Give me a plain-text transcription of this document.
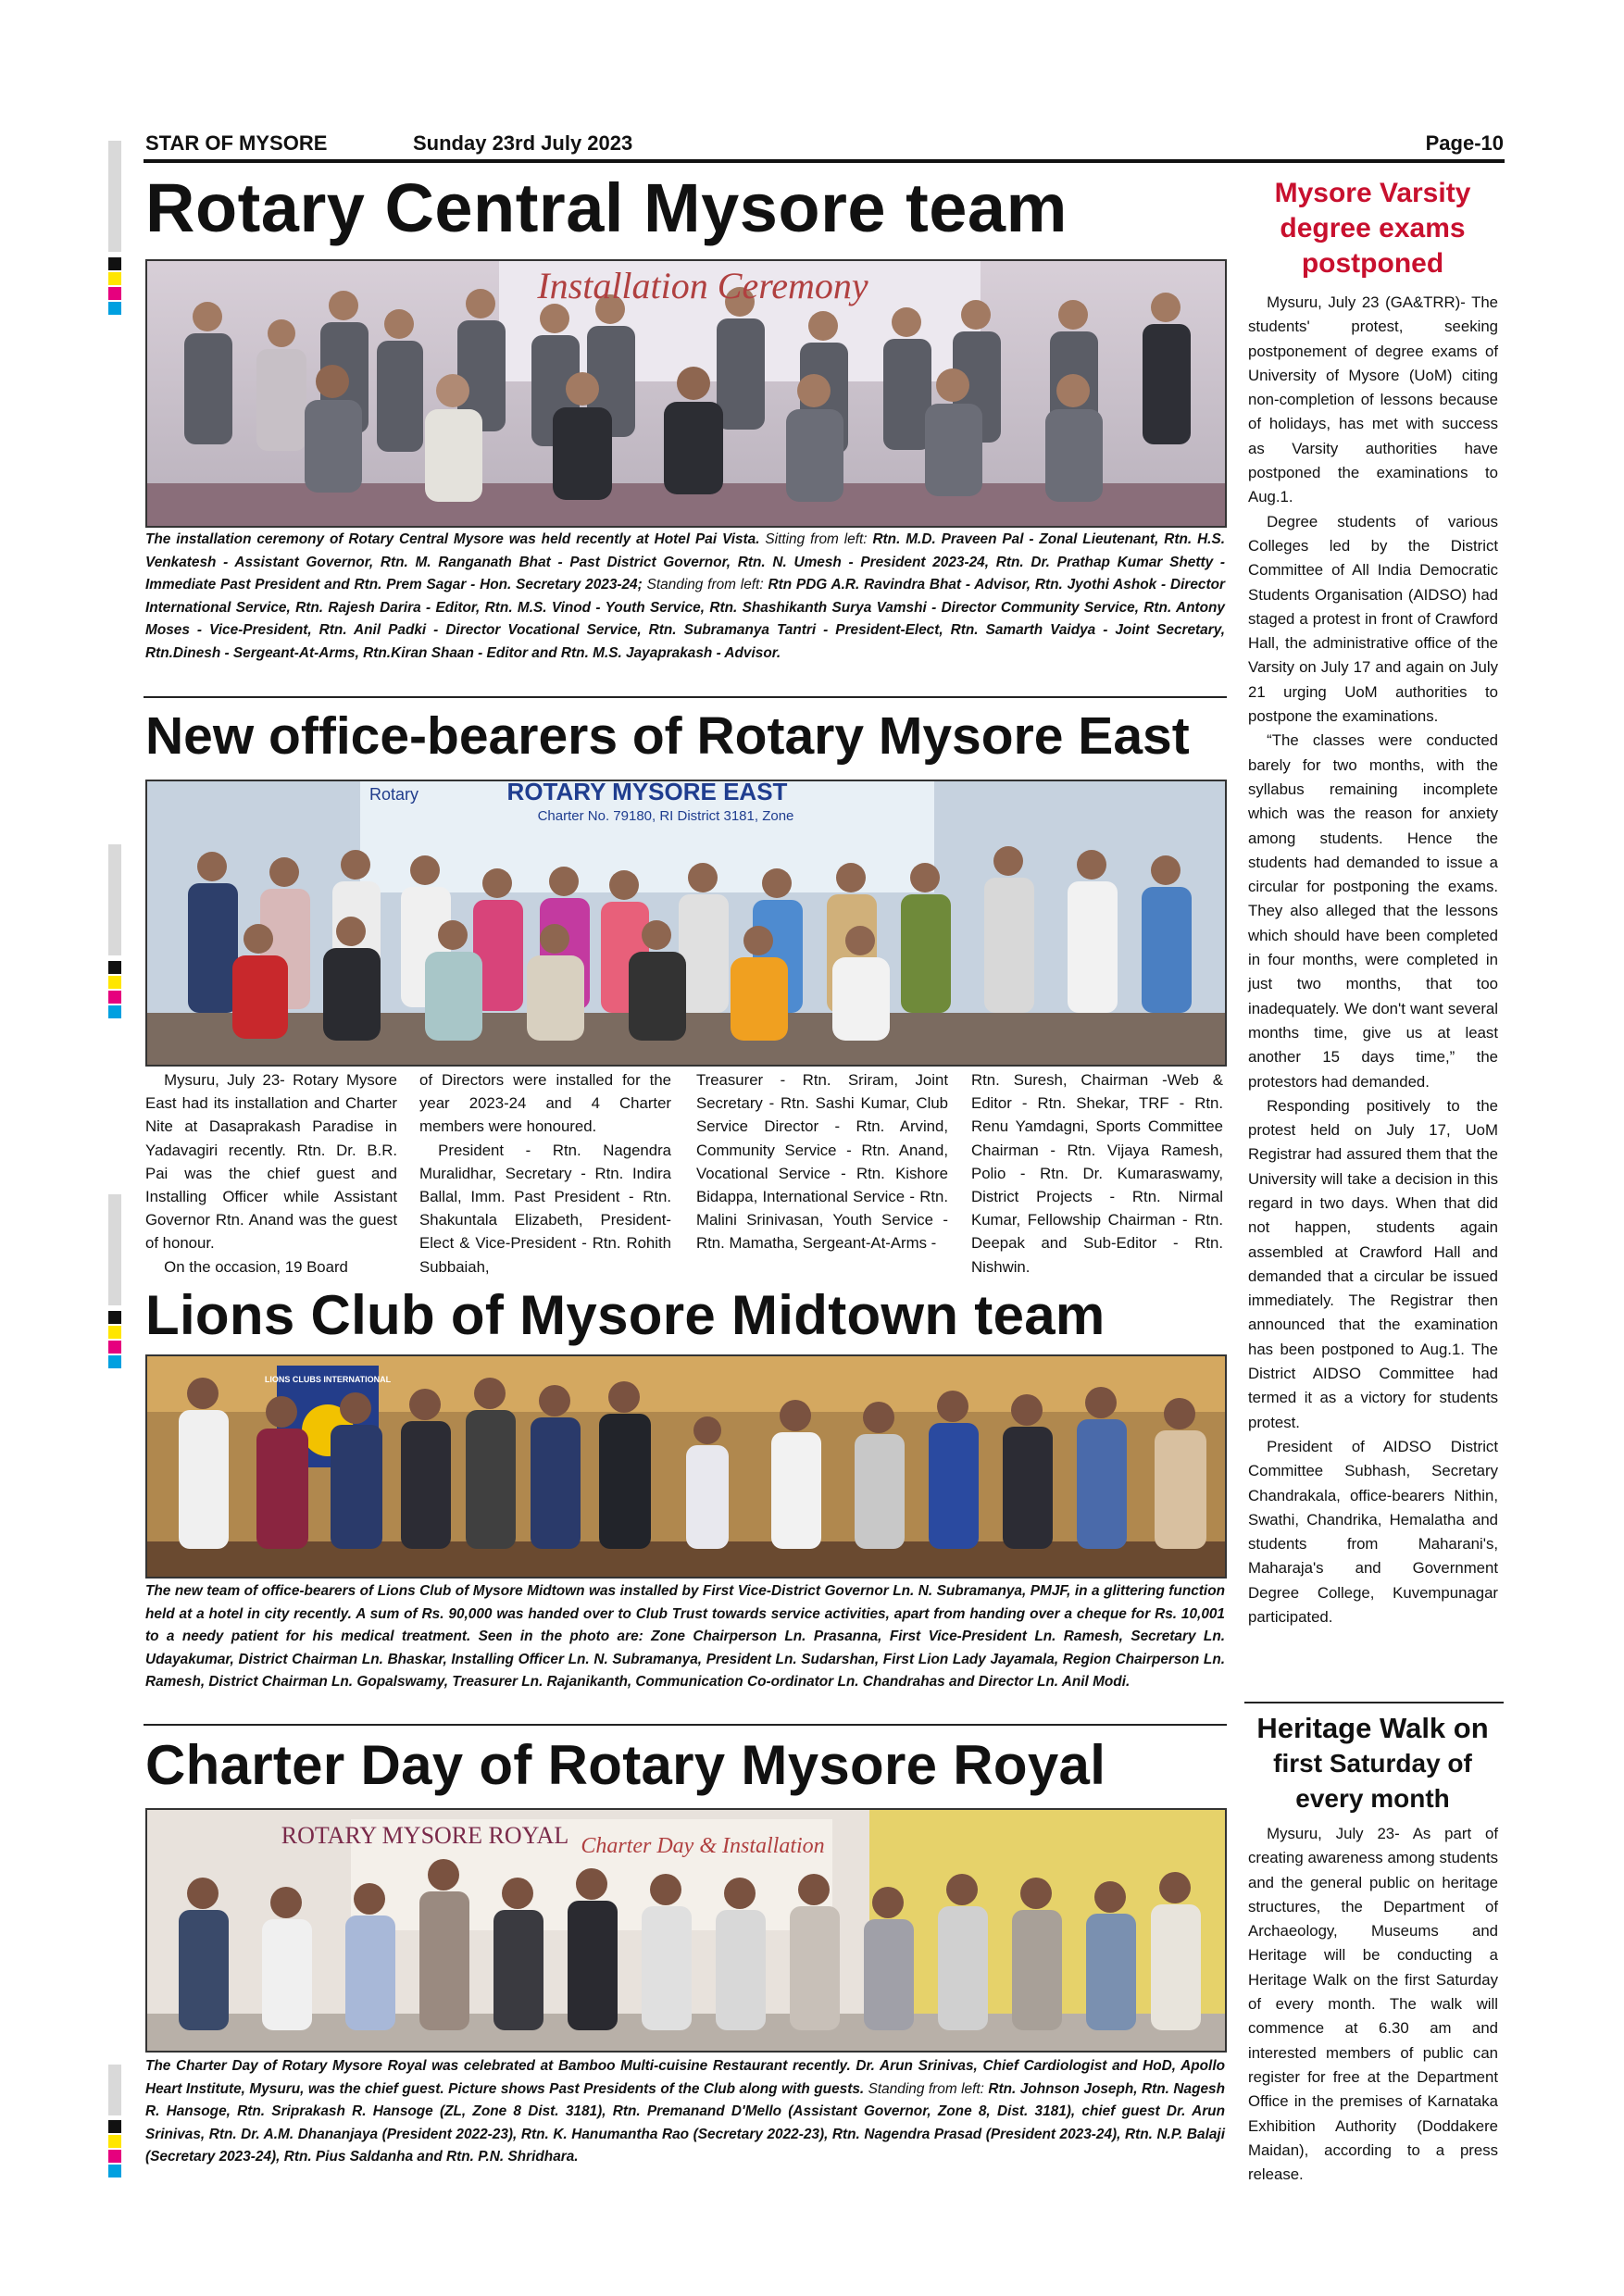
STAR OF MYSORE	Sunday 23rd July 2023	Page-10
Rotary Central Mysore team
Installation Ceremony
The installation ceremony of Rotary Central Mysore was held recently at Hotel Pai Vista. Sitting from left: Rtn. M.D. Praveen Pal - Zonal Lieutenant, Rtn. H.S. Venkatesh - Assistant Governor, Rtn. M. Ranganath Bhat - Past District Governor, Rtn. N. Umesh - President 2023-24, Rtn. Dr. Prathap Kumar Shetty - Immediate Past President and Rtn. Prem Sagar - Hon. Secretary 2023-24; Standing from left: Rtn PDG A.R. Ravindra Bhat - Advisor, Rtn. Jyothi Ashok - Director International Service, Rtn. Rajesh Darira - Editor, Rtn. M.S. Vinod - Youth Service, Rtn. Shashikanth Surya Vamshi - Director Community Service, Rtn. Antony Moses - Vice-President, Rtn. Anil Padki - Director Vocational Service, Rtn. Subramanya Tantri - President-Elect, Rtn. Samarth Vaidya - Joint Secretary, Rtn.Dinesh - Sergeant-At-Arms, Rtn.Kiran Shaan - Editor and Rtn. M.S. Jayaprakash - Advisor.
New office-bearers of Rotary Mysore East
Rotary	ROTARY MYSORE EAST
Charter No. 79180, RI District 3181, Zone

Mysuru, July 23- Rotary Mysore East had its installation and Charter Nite at Dasaprakash Paradise in Yadavagiri recently. Rtn. Dr. B.R. Pai was the chief guest and Installing Officer while Assistant Governor Rtn. Anand was the guest of honour.

On the occasion, 19 Board

of Directors were installed for the year 2023-24 and 4 Charter members were honoured.

President - Rtn. Nagendra Muralidhar, Secretary - Rtn. Indira Ballal, Imm. Past President - Rtn. Shakuntala Elizabeth, President-Elect & Vice-President - Rtn. Rohith Subbaiah,

Treasurer - Rtn. Sriram, Joint Secretary - Rtn. Sashi Kumar, Club Service Director - Rtn. Arvind, Community Service - Rtn. Anand, Vocational Service - Rtn. Kishore Bidappa, International Service - Rtn. Malini Srinivasan, Youth Service - Rtn. Mamatha, Sergeant-At-Arms -

Rtn. Suresh, Chairman -Web & Editor - Rtn. Shekar, TRF - Rtn. Renu Yamdagni, Sports Committee Chairman - Rtn. Vijaya Ramesh, Polio - Rtn. Dr. Kumaraswamy, District Projects - Rtn. Nirmal Kumar, Fellowship Chairman - Rtn. Deepak and Sub-Editor - Rtn. Nishwin.

Lions Club of Mysore Midtown team
LIONS CLUBS INTERNATIONAL
The new team of office-bearers of Lions Club of Mysore Midtown was installed by First Vice-District Governor Ln. N. Subramanya, PMJF, in a glittering function held at a hotel in city recently. A sum of Rs. 90,000 was handed over to Club Trust towards service activities, apart from handing over a cheque for Rs. 10,001 to a needy patient for his medical treatment. Seen in the photo are: Zone Chairperson Ln. Prasanna, First Vice-President Ln. Ramesh, Secretary Ln. Udayakumar, District Chairman Ln. Bhaskar, Installing Officer Ln. N. Subramanya, President Ln. Sudarshan, First Lion Lady Jayamala, Region Chairperson Ln. Ramesh, District Chairman Ln. Gopalswamy, Treasurer Ln. Rajanikanth, Communication Co-ordinator Ln. Chandrahas and Director Ln. Anil Modi.
Charter Day of Rotary Mysore Royal
ROTARY MYSORE ROYAL Charter Day & Installation
The Charter Day of Rotary Mysore Royal was celebrated at Bamboo Multi-cuisine Restaurant recently. Dr. Arun Srinivas, Chief Cardiologist and HoD, Apollo Heart Institute, Mysuru, was the chief guest. Picture shows Past Presidents of the Club along with guests. Standing from left: Rtn. Johnson Joseph, Rtn. Nagesh R. Hansoge, Rtn. Sriprakash R. Hansoge (ZL, Zone 8 Dist. 3181), Rtn. Premanand D'Mello (Assistant Governor, Zone 8, Dist. 3181), chief guest Dr. Arun Srinivas, Rtn. Dr. A.M. Dhananjaya (President 2022-23), Rtn. K. Hanumantha Rao (Secretary 2022-23), Rtn. Nagendra Prasad (President 2023-24), Rtn. N.P. Balaji (Secretary 2023-24), Rtn. Pius Saldanha and Rtn. P.N. Shridhara.
Mysore Varsity
degree exams
postponed

Mysuru, July 23 (GA&TRR)- The students' protest, seeking postponement of degree exams of University of Mysore (UoM) citing non-completion of lessons because of holidays, has met with success as Varsity authorities have postponed the examinations to Aug.1.

Degree students of various Colleges led by the District Committee of All India Democratic Students Organisation (AIDSO) had staged a protest in front of Crawford Hall, the administrative office of the Varsity on July 17 and again on July 21 urging UoM authorities to postpone the examinations.

“The classes were conducted barely for two months, with the syllabus remaining incomplete which was the reason for anxiety among students. Hence the students had demanded to issue a circular for postponing the exams. They also alleged that the lessons which should have been completed in four months, were completed in just two months, that too inadequately. We don't want several months time, give us at least another 15 days time,” the protestors had demanded.

Responding positively to the protest held on July 17, UoM Registrar had assured them that the University will take a decision in this regard in two days. When that did not happen, students again assembled at Crawford Hall and demanded that a circular be issued immediately. The Registrar then announced that the examination has been postponed to Aug.1. The District AIDSO Committee had termed it as a victory for students protest.

President of AIDSO District Committee Subhash, Secretary Chandrakala, office-bearers Nithin, Swathi, Chandrika, Hemalatha and students from Maharani's, Maharaja's and Government Degree College, Kuvempunagar participated.

Heritage Walk on
first Saturday of
every month

Mysuru, July 23- As part of creating awareness among students and the general public on heritage structures, the Department of Archaeology, Museums and Heritage will be conducting a Heritage Walk on the first Saturday of every month. The walk will commence at 6.30 am and interested members of public can register for free at the Department Office in the premises of Karnataka Exhibition Authority (Doddakere Maidan), according to a press release.
